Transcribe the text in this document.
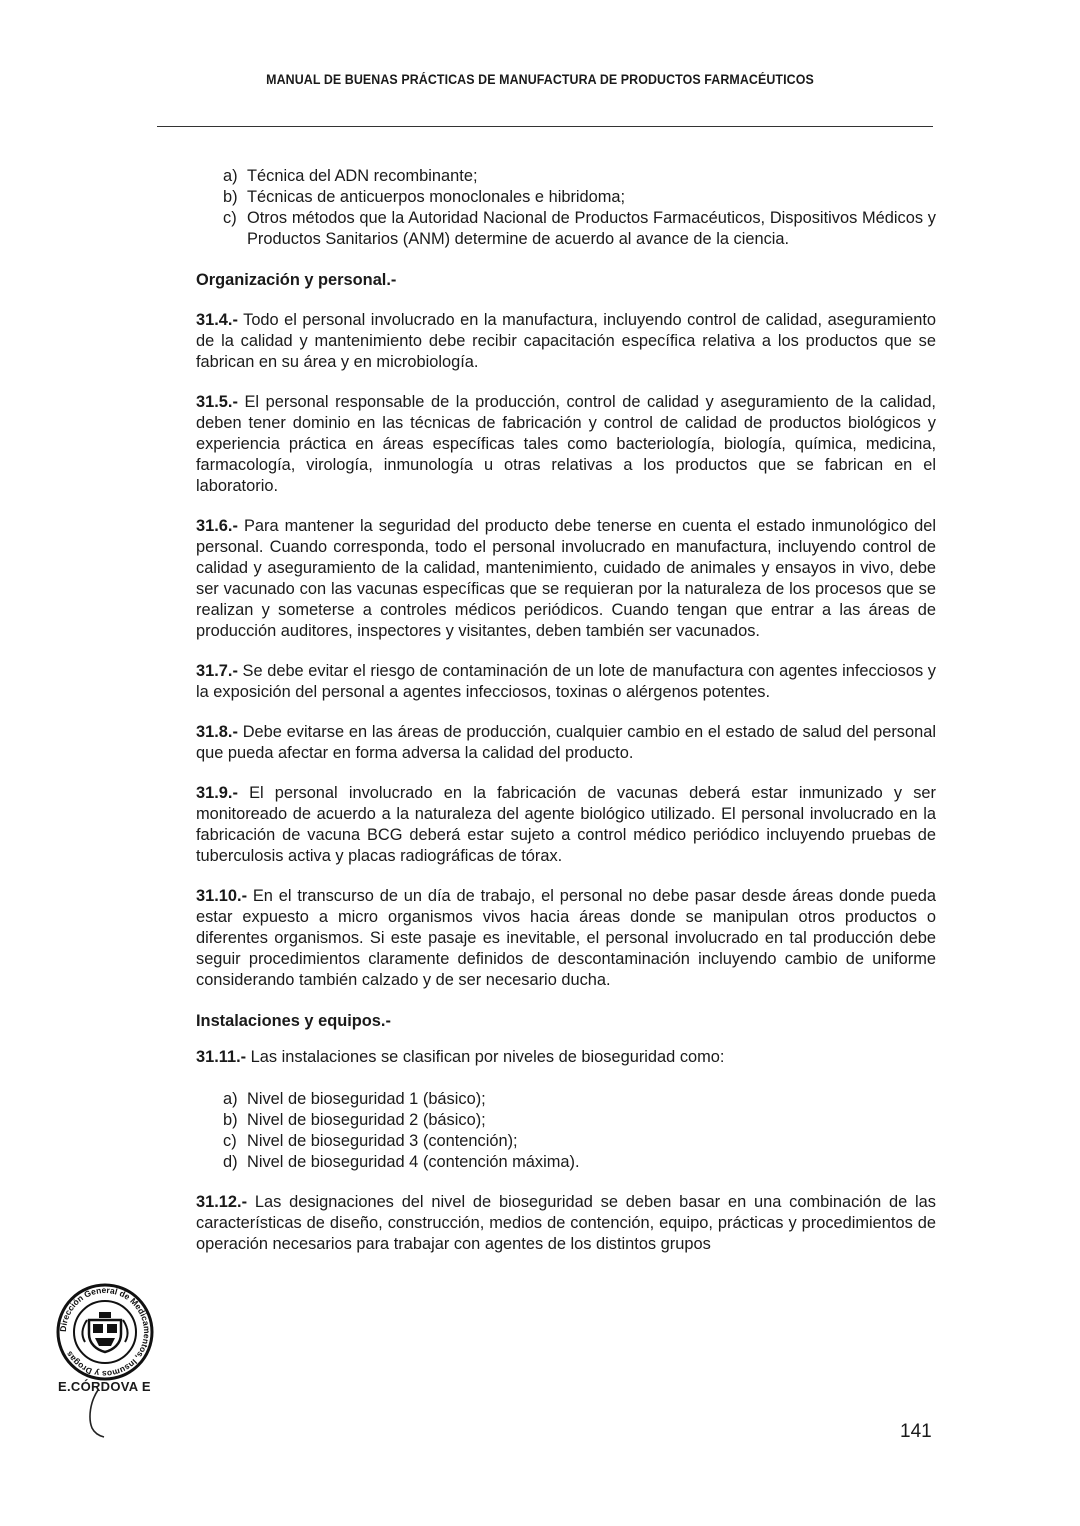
MANUAL DE BUENAS PRÁCTICAS DE MANUFACTURA DE PRODUCTOS FARMACÉUTICOS
a) Técnica del ADN recombinante;
b) Técnicas de anticuerpos monoclonales e hibridoma;
c) Otros métodos que la Autoridad Nacional de Productos Farmacéuticos, Dispositivos Médicos y Productos Sanitarios (ANM) determine de acuerdo al avance de la ciencia.
Organización y personal.-
31.4.- Todo el personal involucrado en la manufactura, incluyendo control de calidad, aseguramiento de la calidad y mantenimiento debe recibir capacitación específica relativa a los productos que se fabrican en su área y en microbiología.
31.5.- El personal responsable de la producción, control de calidad y aseguramiento de la calidad, deben tener dominio en las técnicas de fabricación y control de calidad de productos biológicos y experiencia práctica en áreas específicas tales como bacteriología, biología, química, medicina, farmacología, virología, inmunología u otras relativas a los productos que se fabrican en el laboratorio.
31.6.- Para mantener la seguridad del producto debe tenerse en cuenta el estado inmunológico del personal. Cuando corresponda, todo el personal involucrado en manufactura, incluyendo control de calidad y aseguramiento de la calidad, mantenimiento, cuidado de animales y ensayos in vivo, debe ser vacunado con las vacunas específicas que se requieran por la naturaleza de los procesos que se realizan y someterse a controles médicos periódicos. Cuando tengan que entrar a las áreas de producción auditores, inspectores y visitantes, deben también ser vacunados.
31.7.- Se debe evitar el riesgo de contaminación de un lote de manufactura con agentes infecciosos y la exposición del personal a agentes infecciosos, toxinas o alérgenos potentes.
31.8.- Debe evitarse en las áreas de producción, cualquier cambio en el estado de salud del personal que pueda afectar en forma adversa la calidad del producto.
31.9.- El personal involucrado en la fabricación de vacunas deberá estar inmunizado y ser monitoreado de acuerdo a la naturaleza del agente biológico utilizado. El personal involucrado en la fabricación de vacuna BCG deberá estar sujeto a control médico periódico incluyendo pruebas de tuberculosis activa y placas radiográficas de tórax.
31.10.- En el transcurso de un día de trabajo, el personal no debe pasar desde áreas donde pueda estar expuesto a micro organismos vivos hacia áreas donde se manipulan otros productos o diferentes organismos. Si este pasaje es inevitable, el personal involucrado en tal producción debe seguir procedimientos claramente definidos de descontaminación incluyendo cambio de uniforme considerando también calzado y de ser necesario ducha.
Instalaciones y equipos.-
31.11.- Las instalaciones se clasifican por niveles de bioseguridad como:
a) Nivel de bioseguridad 1 (básico);
b) Nivel de bioseguridad 2 (básico);
c) Nivel de bioseguridad 3 (contención);
d) Nivel de bioseguridad 4 (contención máxima).
31.12.- Las designaciones del nivel de bioseguridad se deben basar en una combinación de las características de diseño, construcción, medios de contención, equipo, prácticas y procedimientos de operación necesarios para trabajar con agentes de los distintos grupos
Dirección General de Medicamentos, Insumos y Drogas
E.CÓRDOVA E
141
